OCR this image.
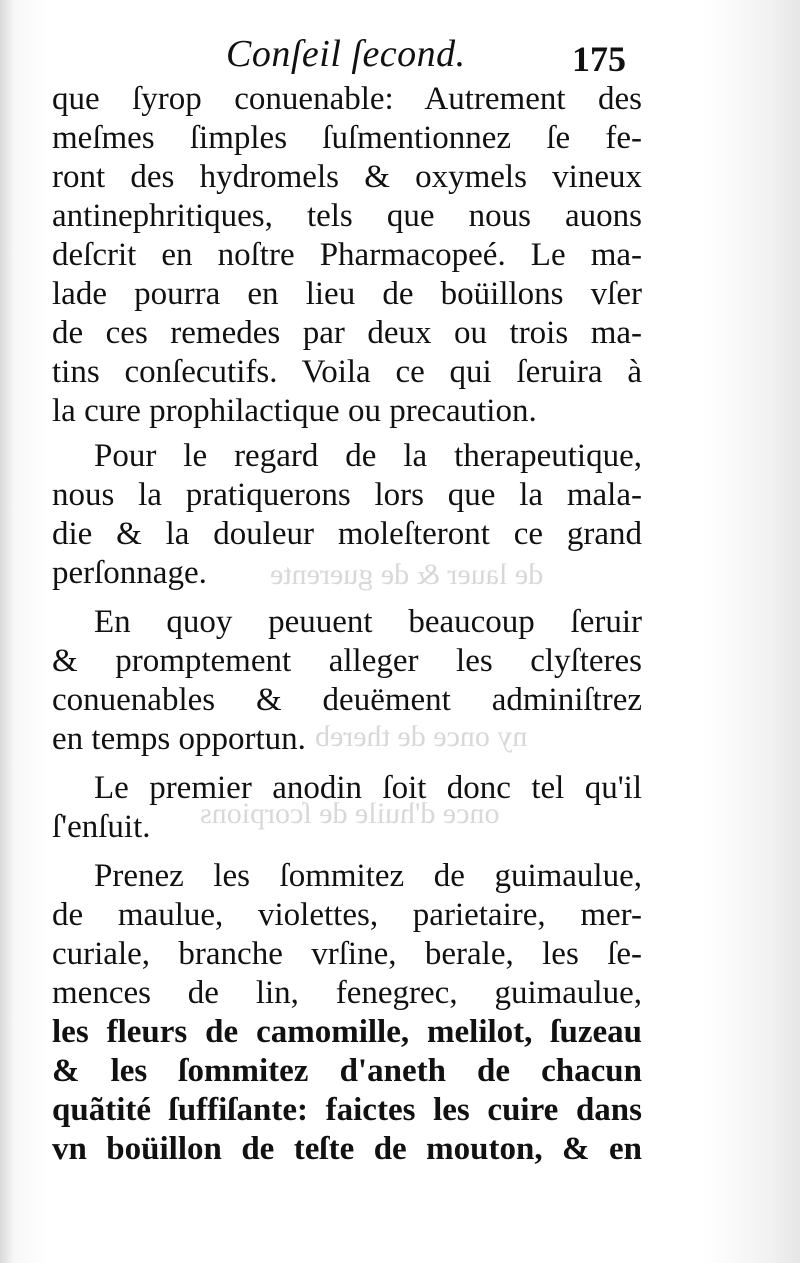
de lauer & de guerente
ny once de thereb
once d'huile de ſcorpions
Conſeil ſecond.	175
que ſyrop conuenable: Autrement des
meſmes ſimples ſuſmentionnez ſe fe-
ront des hydromels & oxymels vineux
antinephritiques, tels que nous auons
deſcrit en noſtre Pharmacopeé. Le ma-
lade pourra en lieu de boüillons vſer
de ces remedes par deux ou trois ma-
tins conſecutifs. Voila ce qui ſeruira à
la cure prophilactique ou precaution.
Pour le regard de la therapeutique,
nous la pratiquerons lors que la mala-
die & la douleur moleſteront ce grand
perſonnage.
En quoy peuuent beaucoup ſeruir
& promptement alleger les clyſteres
conuenables & deuëment adminiſtrez
en temps opportun.
Le premier anodin ſoit donc tel qu'il
ſ'enſuit.
Prenez les ſommitez de guimaulue,
de maulue, violettes, parietaire, mer-
curiale, branche vrſine, berale, les ſe-
mences de lin, fenegrec, guimaulue,
les fleurs de camomille, melilot, ſuzeau
& les ſommitez d'aneth de chacun
quãtité ſuffiſante: faictes les cuire dans
vn boüillon de teſte de mouton, & en
